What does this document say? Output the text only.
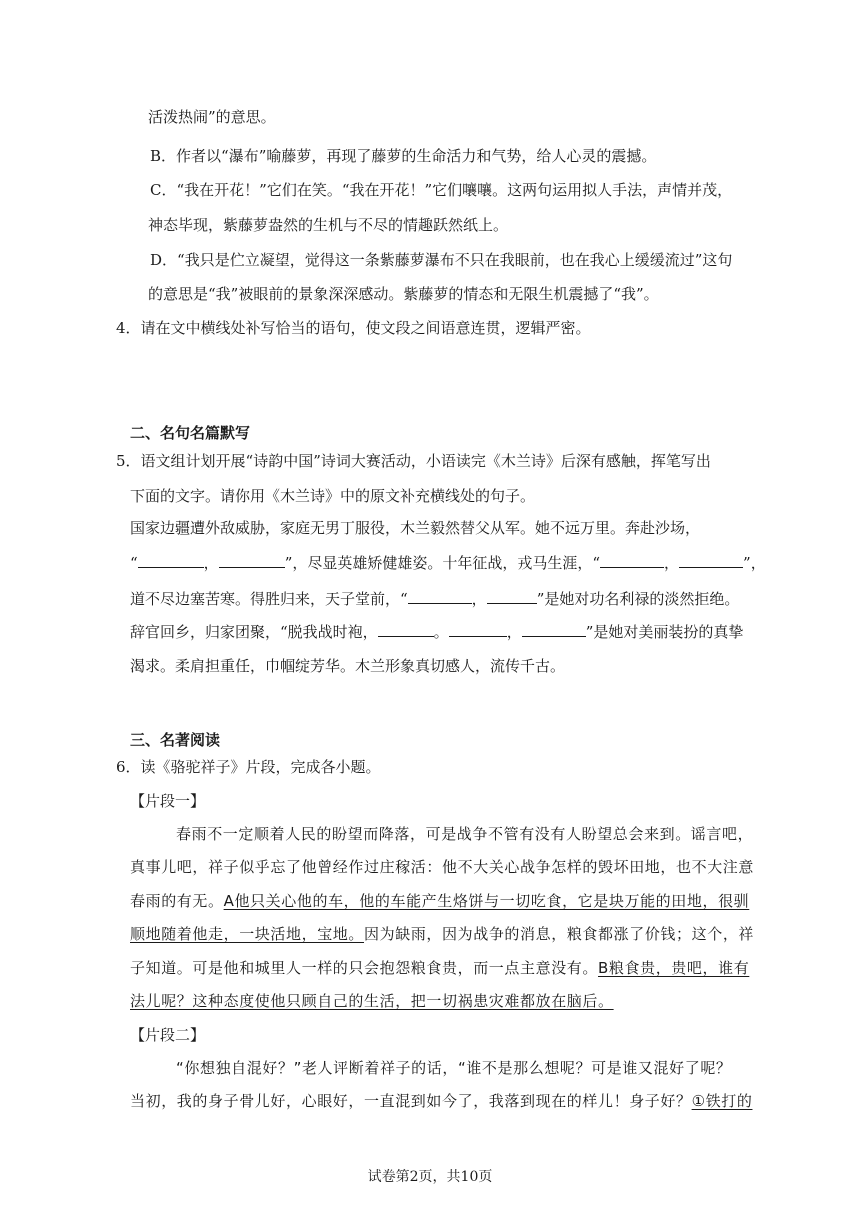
活泼热闹”的意思。
B．作者以“瀑布”喻藤萝，再现了藤萝的生命活力和气势，给人心灵的震撼。
C．“我在开花！”它们在笑。“我在开花！”它们嚷嚷。这两句运用拟人手法，声情并茂，
神态毕现，紫藤萝盎然的生机与不尽的情趣跃然纸上。
D．“我只是伫立凝望，觉得这一条紫藤萝瀑布不只在我眼前，也在我心上缓缓流过”这句
的意思是“我”被眼前的景象深深感动。紫藤萝的情态和无限生机震撼了“我”。
4．请在文中横线处补写恰当的语句，使文段之间语意连贯，逻辑严密。
二、名句名篇默写
5．语文组计划开展“诗韵中国”诗词大赛活动，小语读完《木兰诗》后深有感触，挥笔写出
下面的文字。请你用《木兰诗》中的原文补充横线处的句子。
国家边疆遭外敌威胁，家庭无男丁服役，木兰毅然替父从军。她不远万里。奔赴沙场，
“	，	”，尽显英雄矫健雄姿。十年征战，戎马生涯，“	，	”，
道不尽边塞苦寒。得胜归来，天子堂前，“	，	”是她对功名利禄的淡然拒绝。
辞官回乡，归家团聚，“脱我战时袍，	。	，	”是她对美丽装扮的真挚
渴求。柔肩担重任，巾帼绽芳华。木兰形象真切感人，流传千古。
三、名著阅读
6．读《骆驼祥子》片段，完成各小题。
【片段一】
春雨不一定顺着人民的盼望而降落，可是战争不管有没有人盼望总会来到。谣言吧，
真事儿吧，祥子似乎忘了他曾经作过庄稼活：他不大关心战争怎样的毁坏田地，也不大注意
春雨的有无。A他只关心他的车，他的车能产生烙饼与一切吃食，它是块万能的田地，很驯
顺地随着他走，一块活地，宝地。因为缺雨，因为战争的消息，粮食都涨了价钱；这个，祥
子知道。可是他和城里人一样的只会抱怨粮食贵，而一点主意没有。B粮食贵，贵吧，谁有
法儿呢？这种态度使他只顾自己的生活，把一切祸患灾难都放在脑后。
【片段二】
“你想独自混好？”老人评断着祥子的话，“谁不是那么想呢？可是谁又混好了呢？
当初，我的身子骨儿好，心眼好，一直混到如今了，我落到现在的样儿！身子好？①铁打的
试卷第2页，共10页
